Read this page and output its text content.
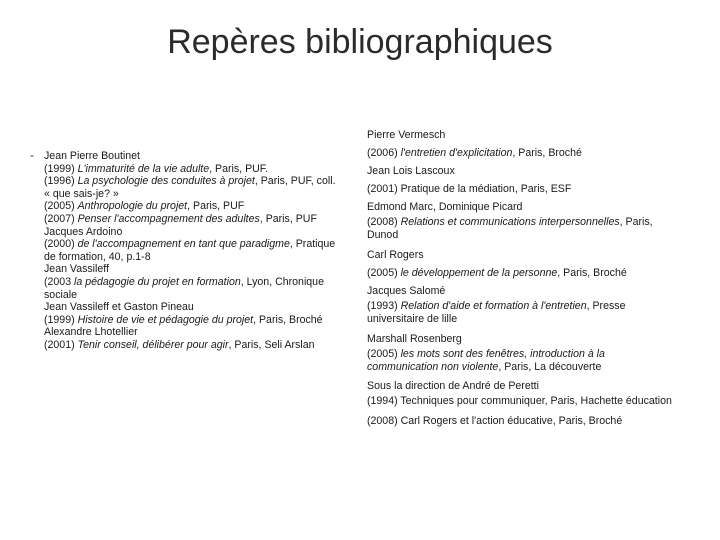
Repères bibliographiques
- Jean Pierre Boutinet
(1999) L'immaturité de la vie adulte, Paris, PUF.
(1996) La psychologie des conduites à projet, Paris, PUF, coll. « que sais-je? »
(2005) Anthropologie du projet, Paris, PUF
(2007) Penser l'accompagnement des adultes, Paris, PUF
Jacques Ardoino
(2000) de l'accompagnement en tant que paradigme, Pratique de formation, 40, p.1-8
Jean Vassileff
(2003 la pédagogie du projet en formation, Lyon, Chronique sociale
Jean Vassileff et Gaston Pineau
(1999) Histoire de vie et pédagogie du projet, Paris, Broché
Alexandre Lhotellier
(2001) Tenir conseil, délibérer pour agir, Paris, Seli Arslan
Pierre Vermesch
(2006) l'entretien d'explicitation, Paris, Broché
Jean Lois Lascoux
(2001) Pratique de la médiation, Paris, ESF
Edmond Marc, Dominique Picard
(2008) Relations et communications interpersonnelles, Paris, Dunod
Carl Rogers
(2005) le développement de la personne, Paris, Broché
Jacques Salomé
(1993) Relation d'aide et formation à l'entretien, Presse universitaire de lille
Marshall Rosenberg
(2005) les mots sont des fenêtres, introduction à la communication non violente, Paris, La découverte
Sous la direction de André de Peretti
(1994) Techniques pour communiquer, Paris, Hachette éducation
(2008) Carl Rogers et l'action éducative, Paris, Broché
